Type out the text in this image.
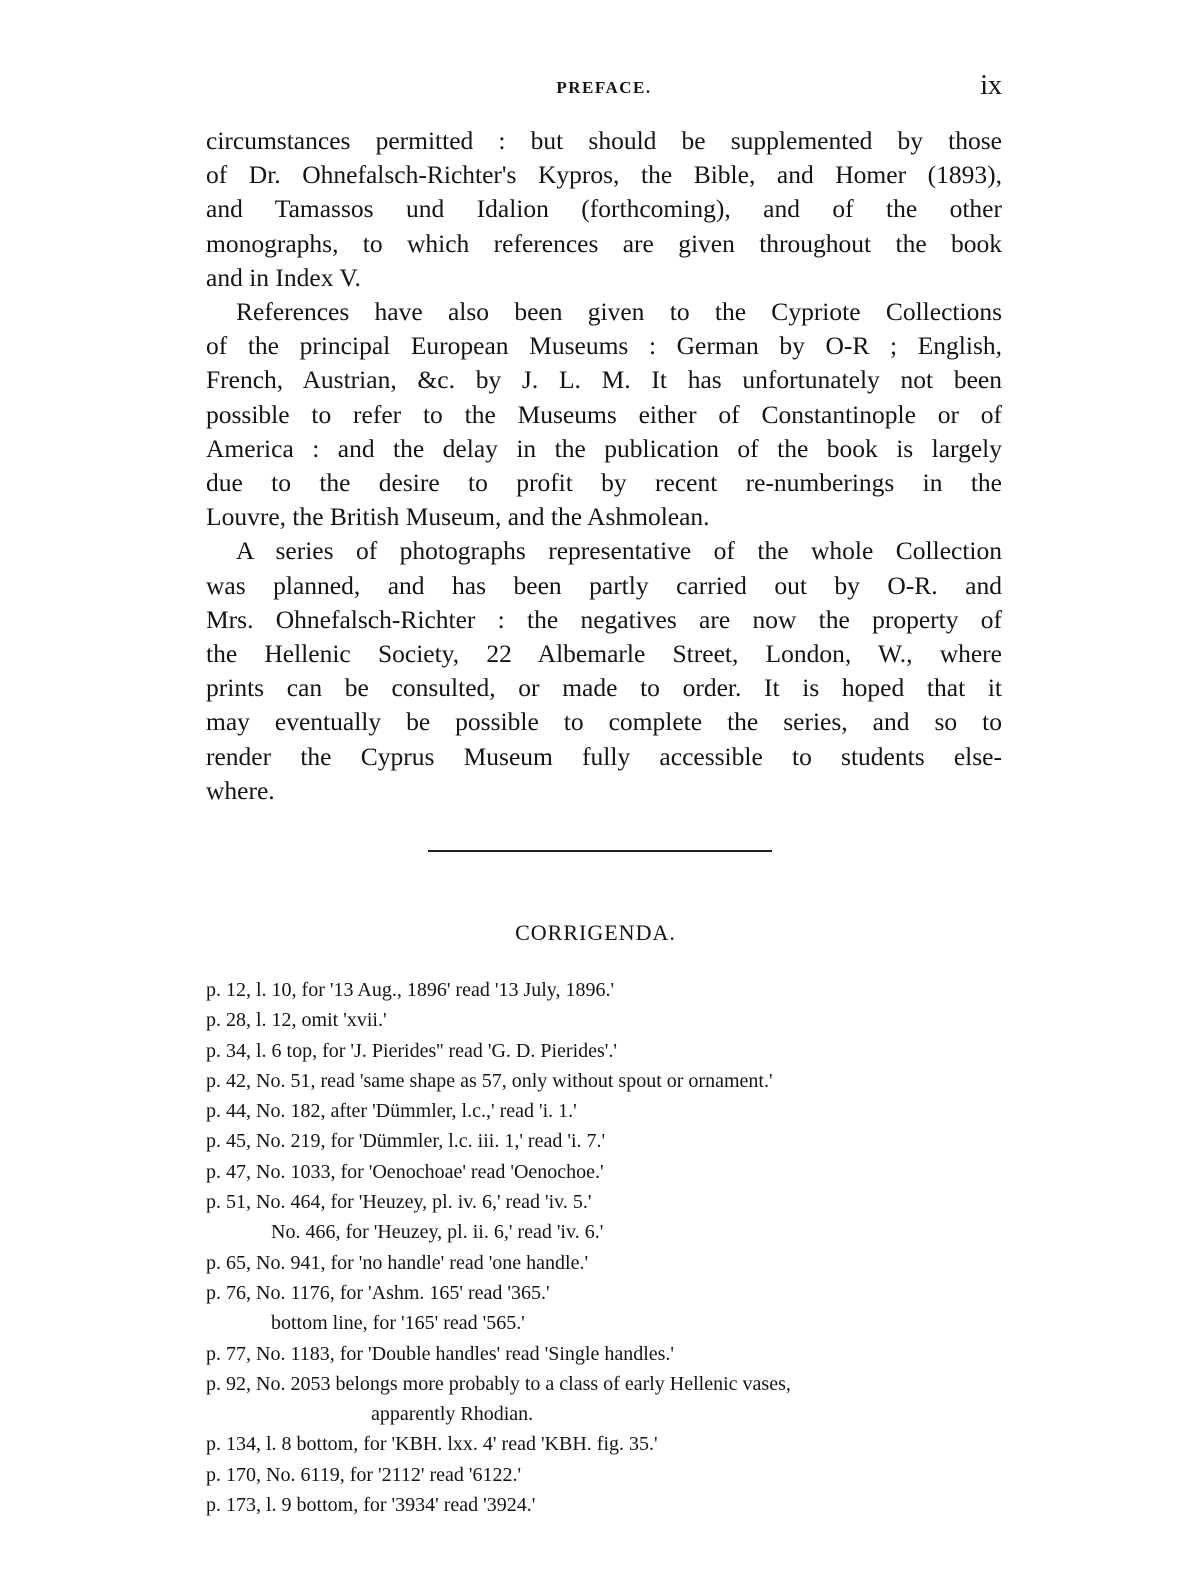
PREFACE.	ix

circumstances permitted : but should be supplemented by those
of Dr. Ohnefalsch-Richter's Kypros, the Bible, and Homer (1893),
and Tamassos und Idalion (forthcoming), and of the other
monographs, to which references are given throughout the book
and in Index V.

References have also been given to the Cypriote Collections
of the principal European Museums : German by O-R ; English,
French, Austrian, &c. by J. L. M. It has unfortunately not been
possible to refer to the Museums either of Constantinople or of
America : and the delay in the publication of the book is largely
due to the desire to profit by recent re-numberings in the
Louvre, the British Museum, and the Ashmolean.

A series of photographs representative of the whole Collection
was planned, and has been partly carried out by O-R. and
Mrs. Ohnefalsch-Richter : the negatives are now the property of
the Hellenic Society, 22 Albemarle Street, London, W., where
prints can be consulted, or made to order. It is hoped that it
may eventually be possible to complete the series, and so to
render the Cyprus Museum fully accessible to students else-
where.

CORRIGENDA.
p. 12, l. 10, for '13 Aug., 1896' read '13 July, 1896.'
p. 28, l. 12, omit 'xvii.'
p. 34, l. 6 top, for 'J. Pierides'' read 'G. D. Pierides'.'
p. 42, No. 51, read 'same shape as 57, only without spout or ornament.'
p. 44, No. 182, after 'Dümmler, l.c.,' read 'i. 1.'
p. 45, No. 219, for 'Dümmler, l.c. iii. 1,' read 'i. 7.'
p. 47, No. 1033, for 'Oenochoae' read 'Oenochoe.'
p. 51, No. 464, for 'Heuzey, pl. iv. 6,' read 'iv. 5.'
No. 466, for 'Heuzey, pl. ii. 6,' read 'iv. 6.'
p. 65, No. 941, for 'no handle' read 'one handle.'
p. 76, No. 1176, for 'Ashm. 165' read '365.'
bottom line, for '165' read '565.'
p. 77, No. 1183, for 'Double handles' read 'Single handles.'
p. 92, No. 2053 belongs more probably to a class of early Hellenic vases,
apparently Rhodian.
p. 134, l. 8 bottom, for 'KBH. lxx. 4' read 'KBH. fig. 35.'
p. 170, No. 6119, for '2112' read '6122.'
p. 173, l. 9 bottom, for '3934' read '3924.'
